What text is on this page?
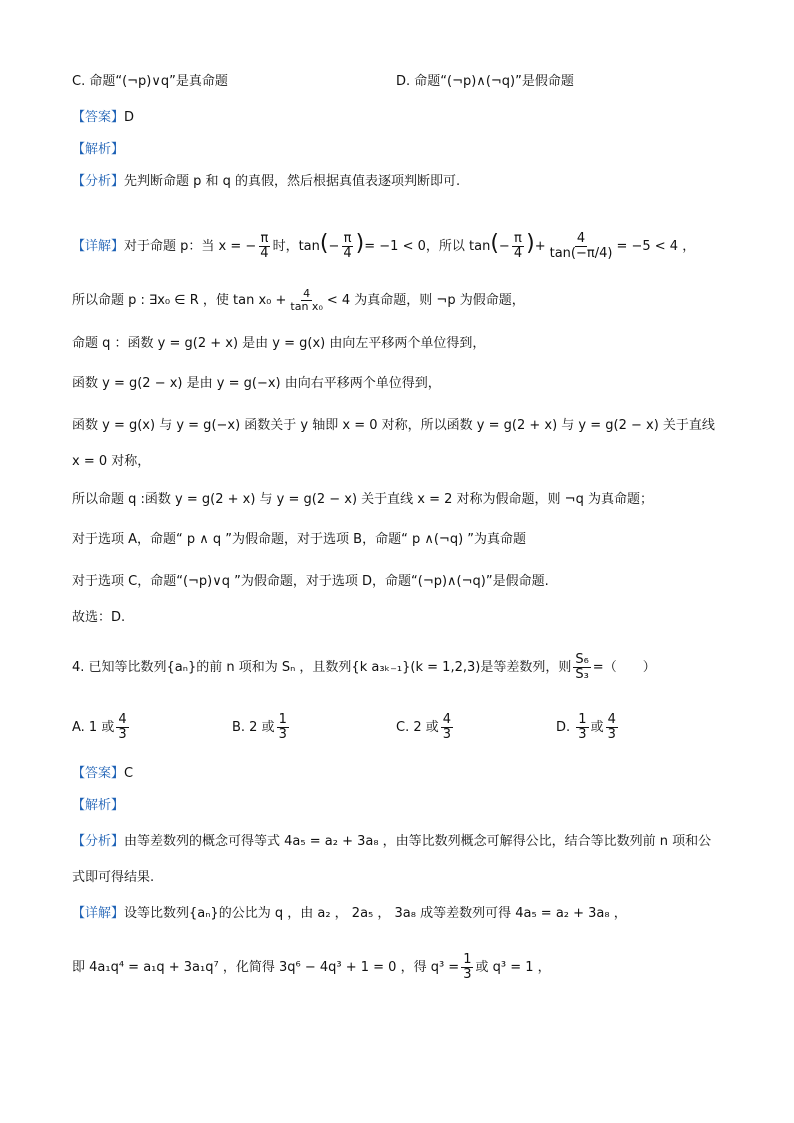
C. 命题“(¬p)∨q”是真命题	D. 命题“(¬p)∧(¬q)”是假命题
【答案】D
【解析】
【分析】先判断命题 p 和 q 的真假，然后根据真值表逐项判断即可.
【详解】对于命题 p：当 x = − $\frac{\pi}{4}$ 时，$\tan(- \frac{\pi}{4}$ )= −1 < 0，所以 $\tan(- \frac{\pi}{4}$ )+ $\frac{4}{\tan(-\pi/4)} = -5 < 4$ ，
所以命题 p : ∃x₀ ∈ R ，使 $\tan x_0 + \frac{4}{\text{tan x₀}} < 4$ 为真命题，则 ¬p 为假命题，
命题 q ：函数 y = g(2 + x) 是由 y = g(x) 由向左平移两个单位得到，
函数 y = g(2 − x) 是由 y = g(−x) 由向右平移两个单位得到，
函数 y = g(x) 与 y = g(−x) 函数关于 y 轴即 x = 0 对称，所以函数 y = g(2 + x) 与 y = g(2 − x) 关于直线
x = 0 对称，
所以命题 q :函数 y = g(2 + x) 与 y = g(2 − x) 关于直线 x = 2 对称为假命题，则 ¬q 为真命题；
对于选项 A，命题“ p ∧ q ”为假命题，对于选项 B，命题“ p ∧(¬q) ”为真命题
对于选项 C，命题“(¬p)∨q ”为假命题，对于选项 D，命题“(¬p)∧(¬q)”是假命题.
故选：D.
4. 已知等比数列{aₙ}的前 n 项和为 Sₙ ，且数列{k a₃ₖ₋₁}(k = 1,2,3)是等差数列，则 $\frac{\text{S₆}}{\text{S₃}}$ =（　　）
A. 1 或 $\frac{4}{3}$	B. 2 或 $\frac{1}{3}$	C. 2 或 $\frac{4}{3}$	D. $\frac{1}{3}$ 或 $\frac{4}{3}$
【答案】C
【解析】
【分析】由等差数列的概念可得等式 4a₅ = a₂ + 3a₈ ，由等比数列概念可解得公比，结合等比数列前 n 项和公
式即可得结果.
【详解】设等比数列{aₙ}的公比为 q ，由 a₂ ， 2a₅ ， 3a₈ 成等差数列可得 4a₅ = a₂ + 3a₈ ，
即 4a₁q⁴ = a₁q + 3a₁q⁷ ，化简得 3q⁶ − 4q³ + 1 = 0 ，得 $q^3 = \frac{1}{3}$ 或 q³ = 1 ，
